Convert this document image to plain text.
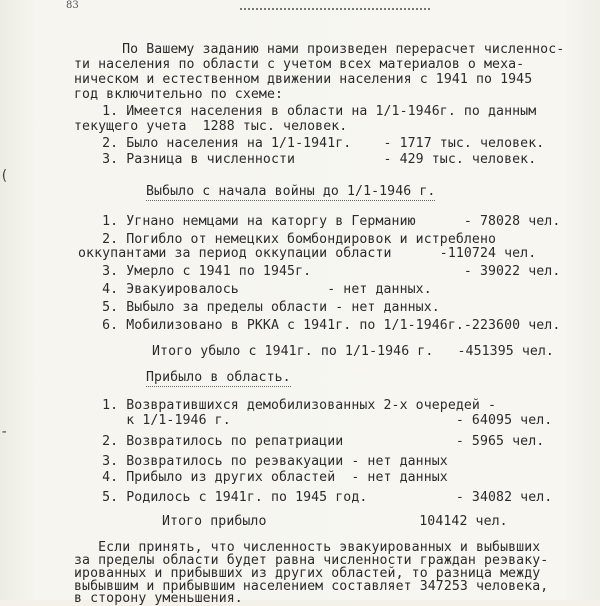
83
(
-
По Вашему заданию нами произведен перерасчет численнос-
ти населения по области с учетом всех материалов о меха-
ническом и естественном движении населения с 1941 по 1945
год включительно по схеме:
1. Имеется населения в области на 1/1-1946г. по данным
текущего учета  1288 тыс. человек.
2. Было населения на 1/1-1941г.    - 1717 тыс. человек.
3. Разница в численности           - 429 тыс. человек.
Выбыло с начала войны до 1/1-1946 г.
1. Угнано немцами на каторгу в Германию      - 78028 чел.
2. Погибло от немецких бомбондировок и истреблено
оккупантами за период оккупации области      -110724 чел.
3. Умерло с 1941 по 1945г.                   - 39022 чел.
4. Эвакуировалось           - нет данных.
5. Выбыло за пределы области - нет данных.
6. Мобилизовано в РККА с 1941г. по 1/1-1946г.-223600 чел.
Итого убыло с 1941г. по 1/1-1946 г.   -451395 чел.
Прибыло в область.
1. Возвратившихся демобилизованных 2-х очередей -
к 1/1-1946 г.                            - 64095 чел.
2. Возвратилось по репатриации              - 5965 чел.
3. Возвратилось по реэвакуации - нет данных
4. Прибыло из других областей  - нет данных
5. Родилось с 1941г. по 1945 год.           - 34082 чел.
Итого прибыло                   104142 чел.
Если принять, что численность эвакуированных и выбывших
за пределы области будет равна численности граждан реэваку-
ированных и прибывших из других областей, то разница между
выбывшим и прибывшим населением составляет 347253 человека,
в сторону уменьшения.
